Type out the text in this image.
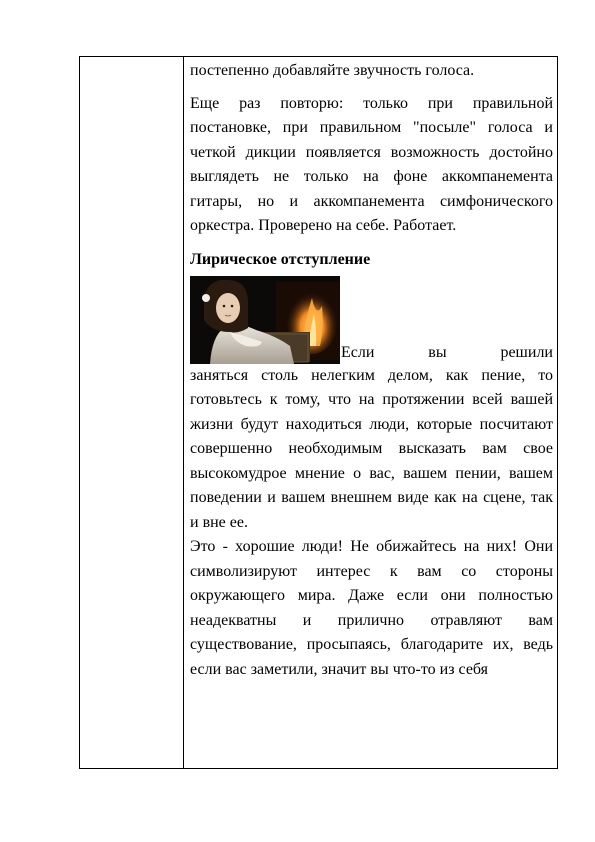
постепенно добавляйте звучность голоса.

Еще раз повторю: только при правильной постановке, при правильном "посыле" голоса и четкой дикции появляется возможность достойно выглядеть не только на фоне аккомпанемента гитары, но и аккомпанемента симфонического оркестра. Проверено на себе. Работает.

Лирическое отступление
Если	вы	решили

заняться столь нелегким делом, как пение, то готовьтесь к тому, что на протяжении всей вашей жизни будут находиться люди, которые посчитают совершенно необходимым высказать вам свое высокомудрое мнение о вас, вашем пении, вашем поведении и вашем внешнем виде как на сцене, так и вне ее.

Это - хорошие люди! Не обижайтесь на них! Они символизируют интерес к вам со стороны окружающего мира. Даже если они полностью неадекватны и прилично отравляют вам существование, просыпаясь, благодарите их, ведь если вас заметили, значит вы что-то из себя
